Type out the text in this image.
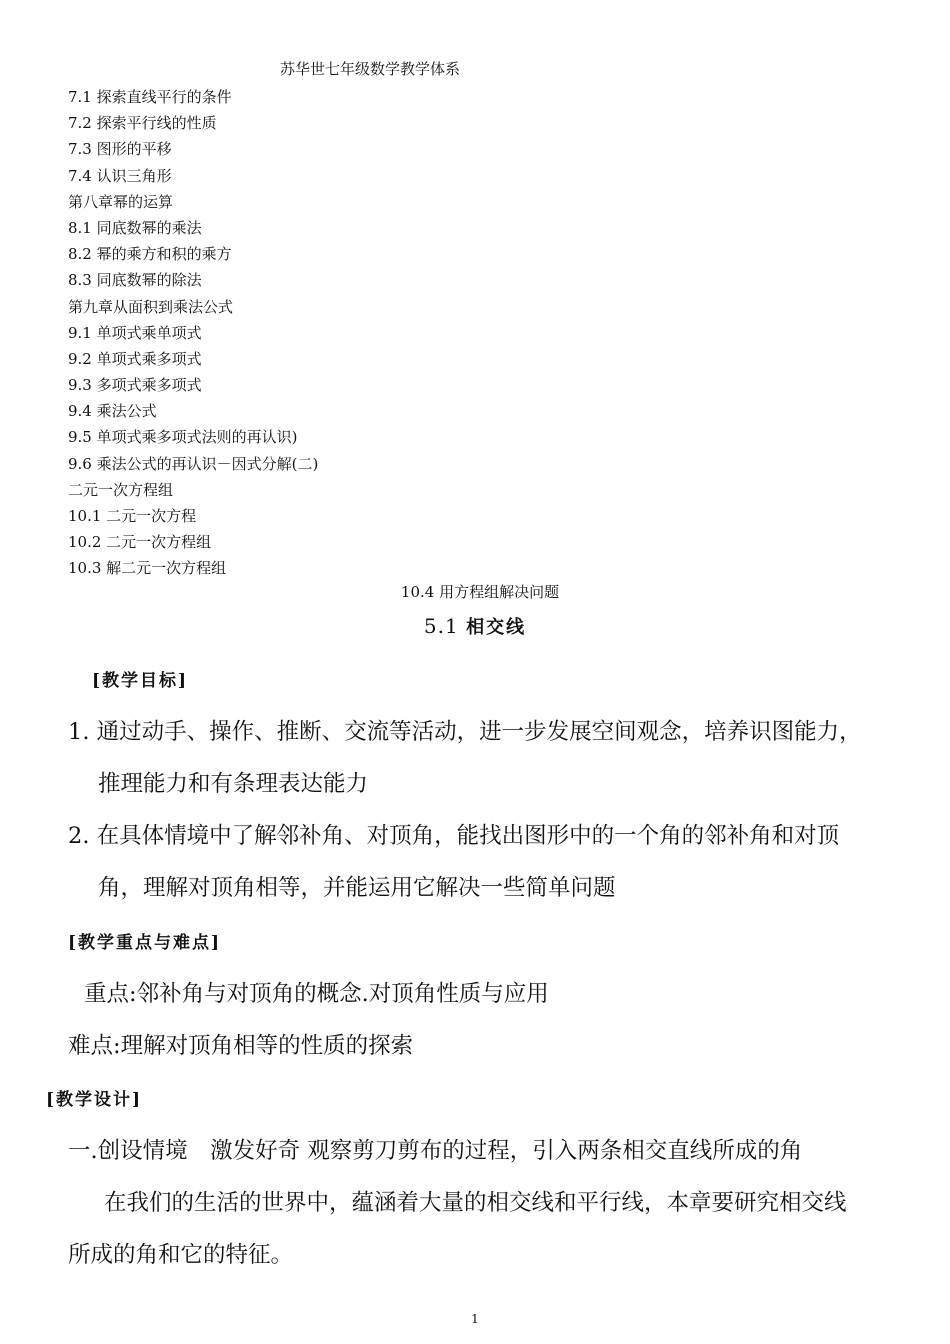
苏华世七年级数学教学体系
7.1 探索直线平行的条件
7.2 探索平行线的性质
7.3 图形的平移
7.4 认识三角形
第八章幂的运算
8.1 同底数幂的乘法
8.2 幂的乘方和积的乘方
8.3 同底数幂的除法
第九章从面积到乘法公式
9.1 单项式乘单项式
9.2 单项式乘多项式
9.3 多项式乘多项式
9.4 乘法公式
9.5 单项式乘多项式法则的再认识)
9.6 乘法公式的再认识－因式分解(二)
二元一次方程组
10.1 二元一次方程
10.2 二元一次方程组
10.3 解二元一次方程组
10.4 用方程组解决问题
5.1 相交线
[教学目标]
1. 通过动手、操作、推断、交流等活动，进一步发展空间观念，培养识图能力，
推理能力和有条理表达能力
2. 在具体情境中了解邻补角、对顶角，能找出图形中的一个角的邻补角和对顶
角，理解对顶角相等，并能运用它解决一些简单问题
[教学重点与难点]
重点:邻补角与对顶角的概念.对顶角性质与应用
难点:理解对顶角相等的性质的探索
[教学设计]
一.创设情境　激发好奇 观察剪刀剪布的过程，引入两条相交直线所成的角
在我们的生活的世界中，蕴涵着大量的相交线和平行线，本章要研究相交线
所成的角和它的特征。
1
